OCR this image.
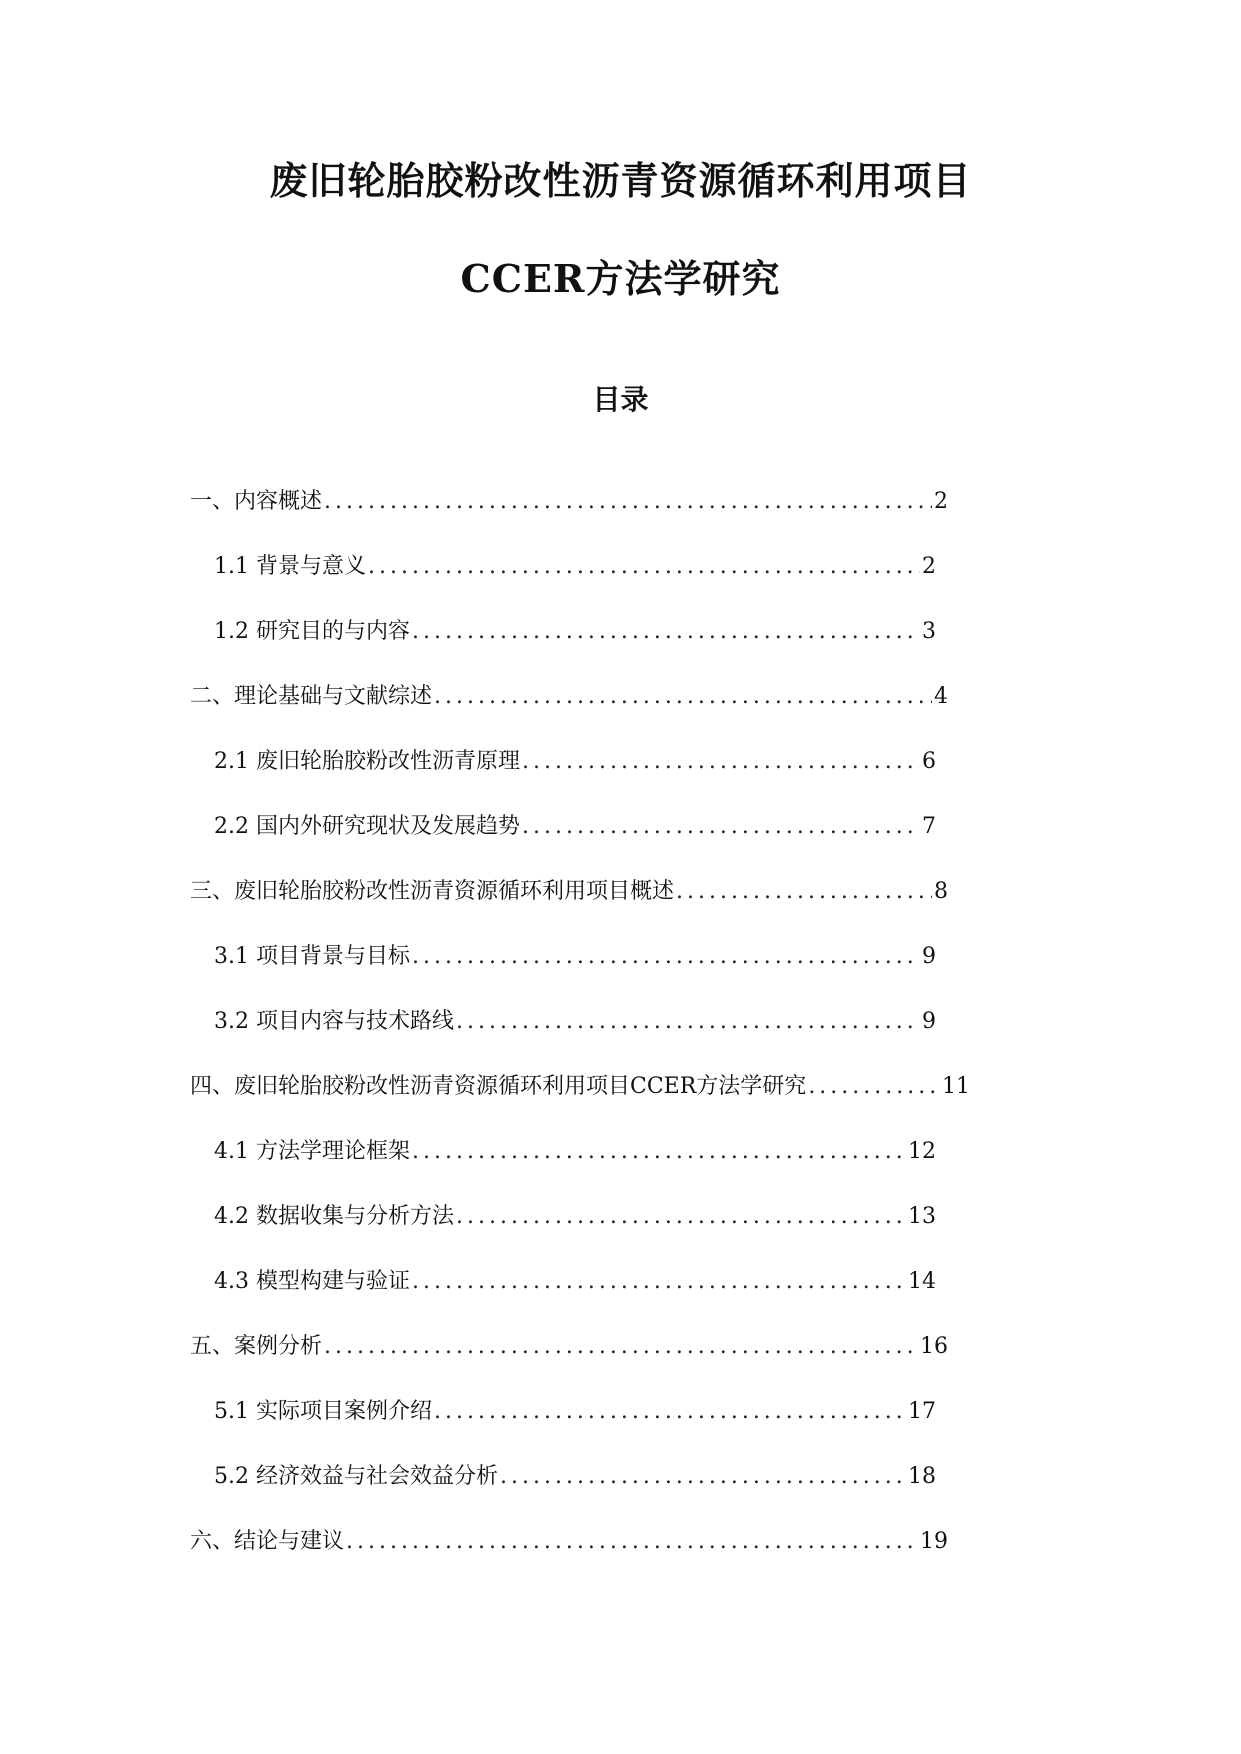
废旧轮胎胶粉改性沥青资源循环利用项目
CCER方法学研究
目录
一、内容概述 .....	2
1.1 背景与意义 .....	2
1.2 研究目的与内容 .....	3
二、理论基础与文献综述 .....	4
2.1 废旧轮胎胶粉改性沥青原理 .....	6
2.2 国内外研究现状及发展趋势 .....	7
三、废旧轮胎胶粉改性沥青资源循环利用项目概述 .....	8
3.1 项目背景与目标 .....	9
3.2 项目内容与技术路线 .....	9
四、废旧轮胎胶粉改性沥青资源循环利用项目CCER方法学研究 .....	11
4.1 方法学理论框架 .....	12
4.2 数据收集与分析方法 .....	13
4.3 模型构建与验证 .....	14
五、案例分析 .....	16
5.1 实际项目案例介绍 .....	17
5.2 经济效益与社会效益分析 .....	18
六、结论与建议 .....	19
